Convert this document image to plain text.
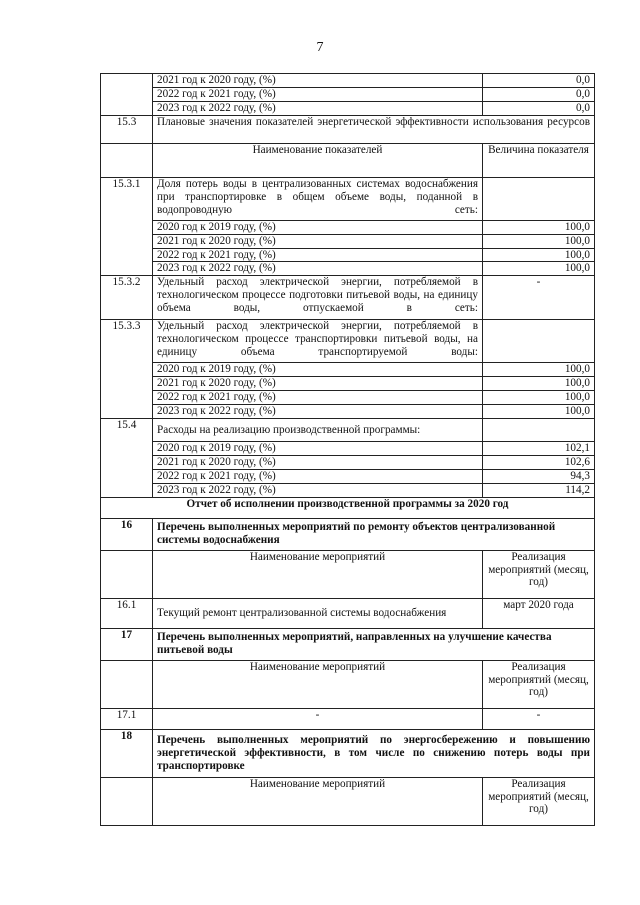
7
	2021 год к 2020 году, (%)	0,0
	2022 год к 2021 году, (%)	0,0
	2023 год к 2022 году, (%)	0,0
15.3	Плановые значения показателей энергетической эффективности использования ресурсов	
	Наименование показателей	Величина показателя
15.3.1	Доля потерь воды в централизованных системах водоснабжения при транспортировке в общем объеме воды, поданной в водопроводную сеть:	
	2020 год к 2019 году, (%)	100,0
	2021 год к 2020 году, (%)	100,0
	2022 год к 2021 году, (%)	100,0
	2023 год к 2022 году, (%)	100,0
15.3.2	Удельный расход электрической энергии, потребляемой в технологическом процессе подготовки питьевой воды, на единицу объема воды, отпускаемой в сеть:	-
15.3.3	Удельный расход электрической энергии, потребляемой в технологическом процессе транспортировки питьевой воды, на единицу объема транспортируемой воды:	
	2020 год к 2019 году, (%)	100,0
	2021 год к 2020 году, (%)	100,0
	2022 год к 2021 году, (%)	100,0
	2023 год к 2022 году, (%)	100,0
15.4	Расходы на реализацию производственной программы:	
	2020 год к 2019 году, (%)	102,1
	2021 год к 2020 году, (%)	102,6
	2022 год к 2021 году, (%)	94,3
	2023 год к 2022 году, (%)	114,2
Отчет об исполнении производственной программы за 2020 год		
16	Перечень выполненных мероприятий по ремонту объектов централизованной системы водоснабжения	
	Наименование мероприятий	Реализация мероприятий (месяц, год)
16.1	Текущий ремонт централизованной системы водоснабжения	март 2020 года
17	Перечень выполненных мероприятий, направленных на улучшение качества питьевой воды	
	Наименование мероприятий	Реализация мероприятий (месяц, год)
17.1	-	-
18	Перечень выполненных мероприятий по энергосбережению и повышению энергетической эффективности, в том числе по снижению потерь воды при транспортировке	
	Наименование мероприятий	Реализация мероприятий (месяц, год)
